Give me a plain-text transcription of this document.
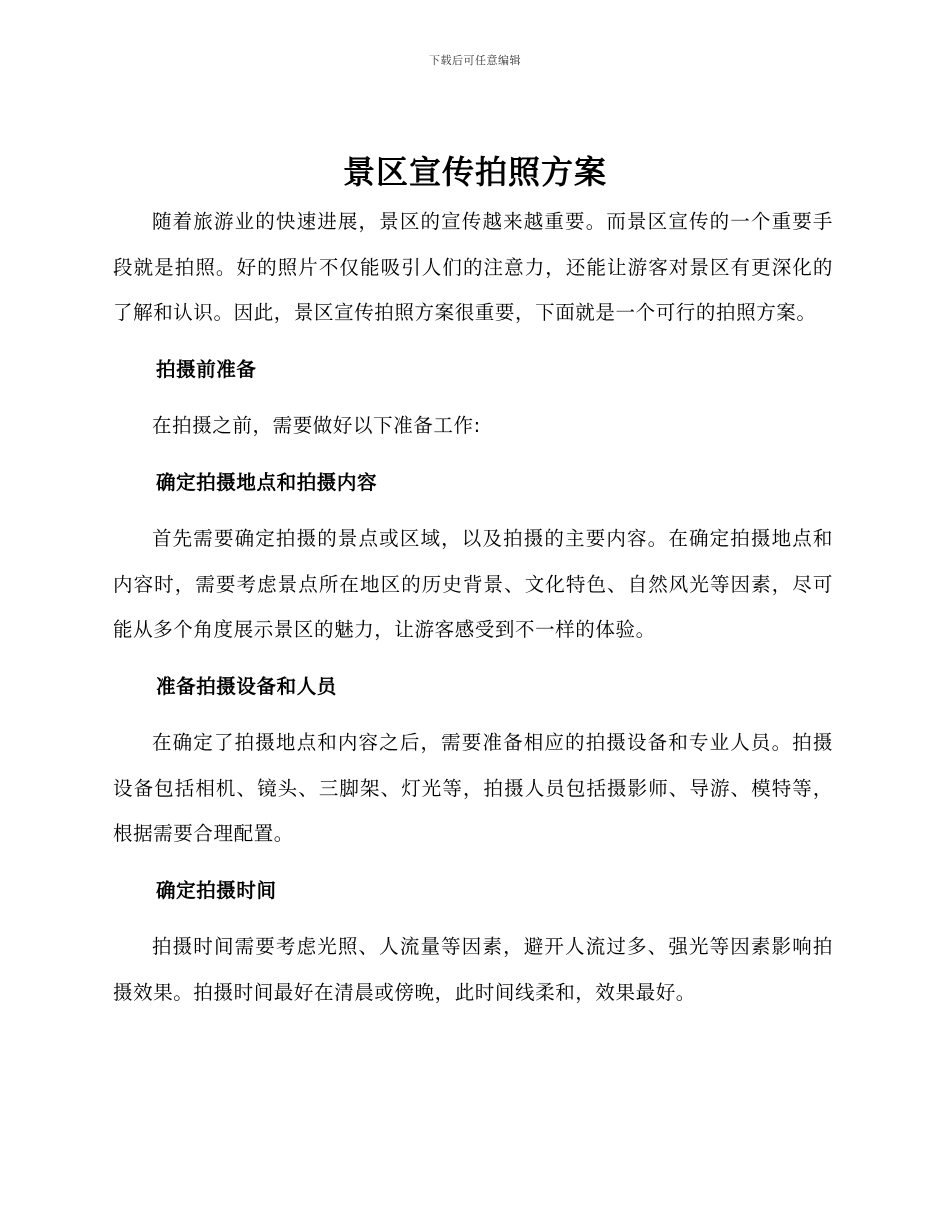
下载后可任意编辑
景区宣传拍照方案

随着旅游业的快速进展，景区的宣传越来越重要。而景区宣传的一个重要手段就是拍照。好的照片不仅能吸引人们的注意力，还能让游客对景区有更深化的了解和认识。因此，景区宣传拍照方案很重要，下面就是一个可行的拍照方案。

拍摄前准备

在拍摄之前，需要做好以下准备工作:

确定拍摄地点和拍摄内容

首先需要确定拍摄的景点或区域，以及拍摄的主要内容。在确定拍摄地点和内容时，需要考虑景点所在地区的历史背景、文化特色、自然风光等因素，尽可能从多个角度展示景区的魅力，让游客感受到不一样的体验。

准备拍摄设备和人员

在确定了拍摄地点和内容之后，需要准备相应的拍摄设备和专业人员。拍摄设备包括相机、镜头、三脚架、灯光等，拍摄人员包括摄影师、导游、模特等，根据需要合理配置。

确定拍摄时间

拍摄时间需要考虑光照、人流量等因素，避开人流过多、强光等因素影响拍摄效果。拍摄时间最好在清晨或傍晚，此时间线柔和，效果最好。
